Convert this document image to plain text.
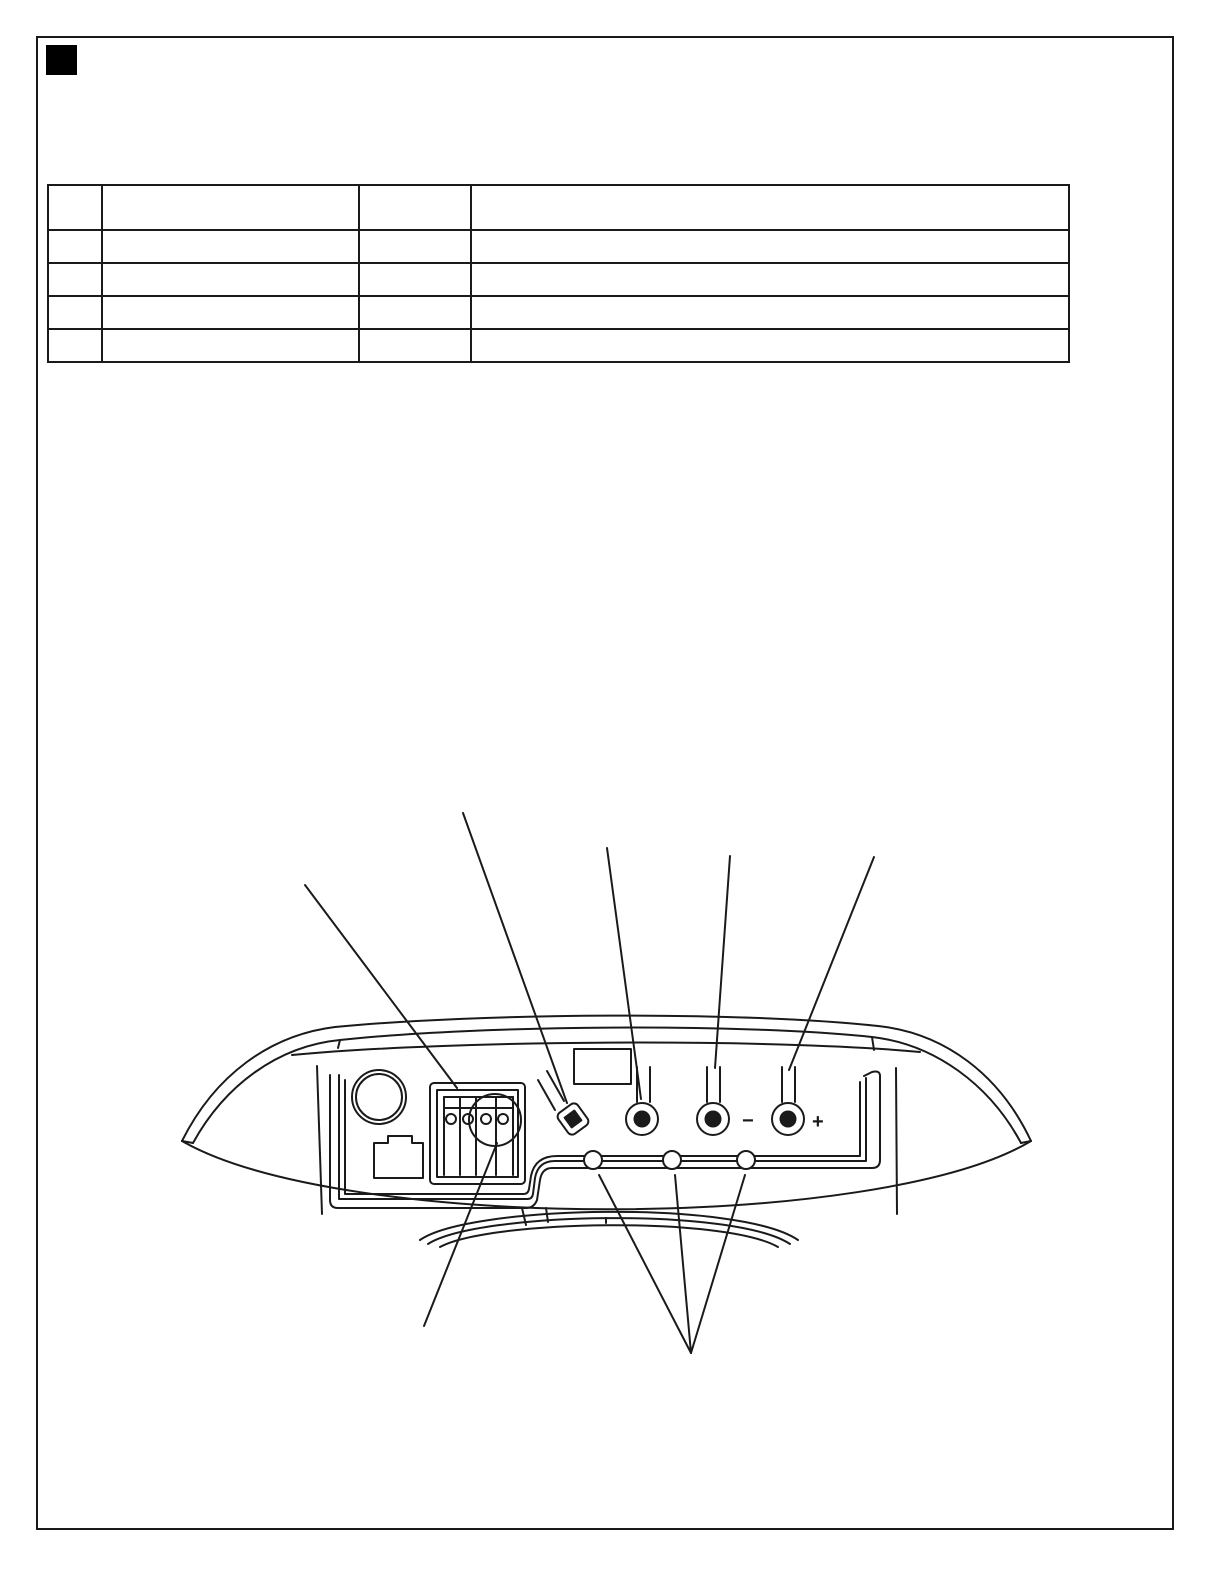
−	+
